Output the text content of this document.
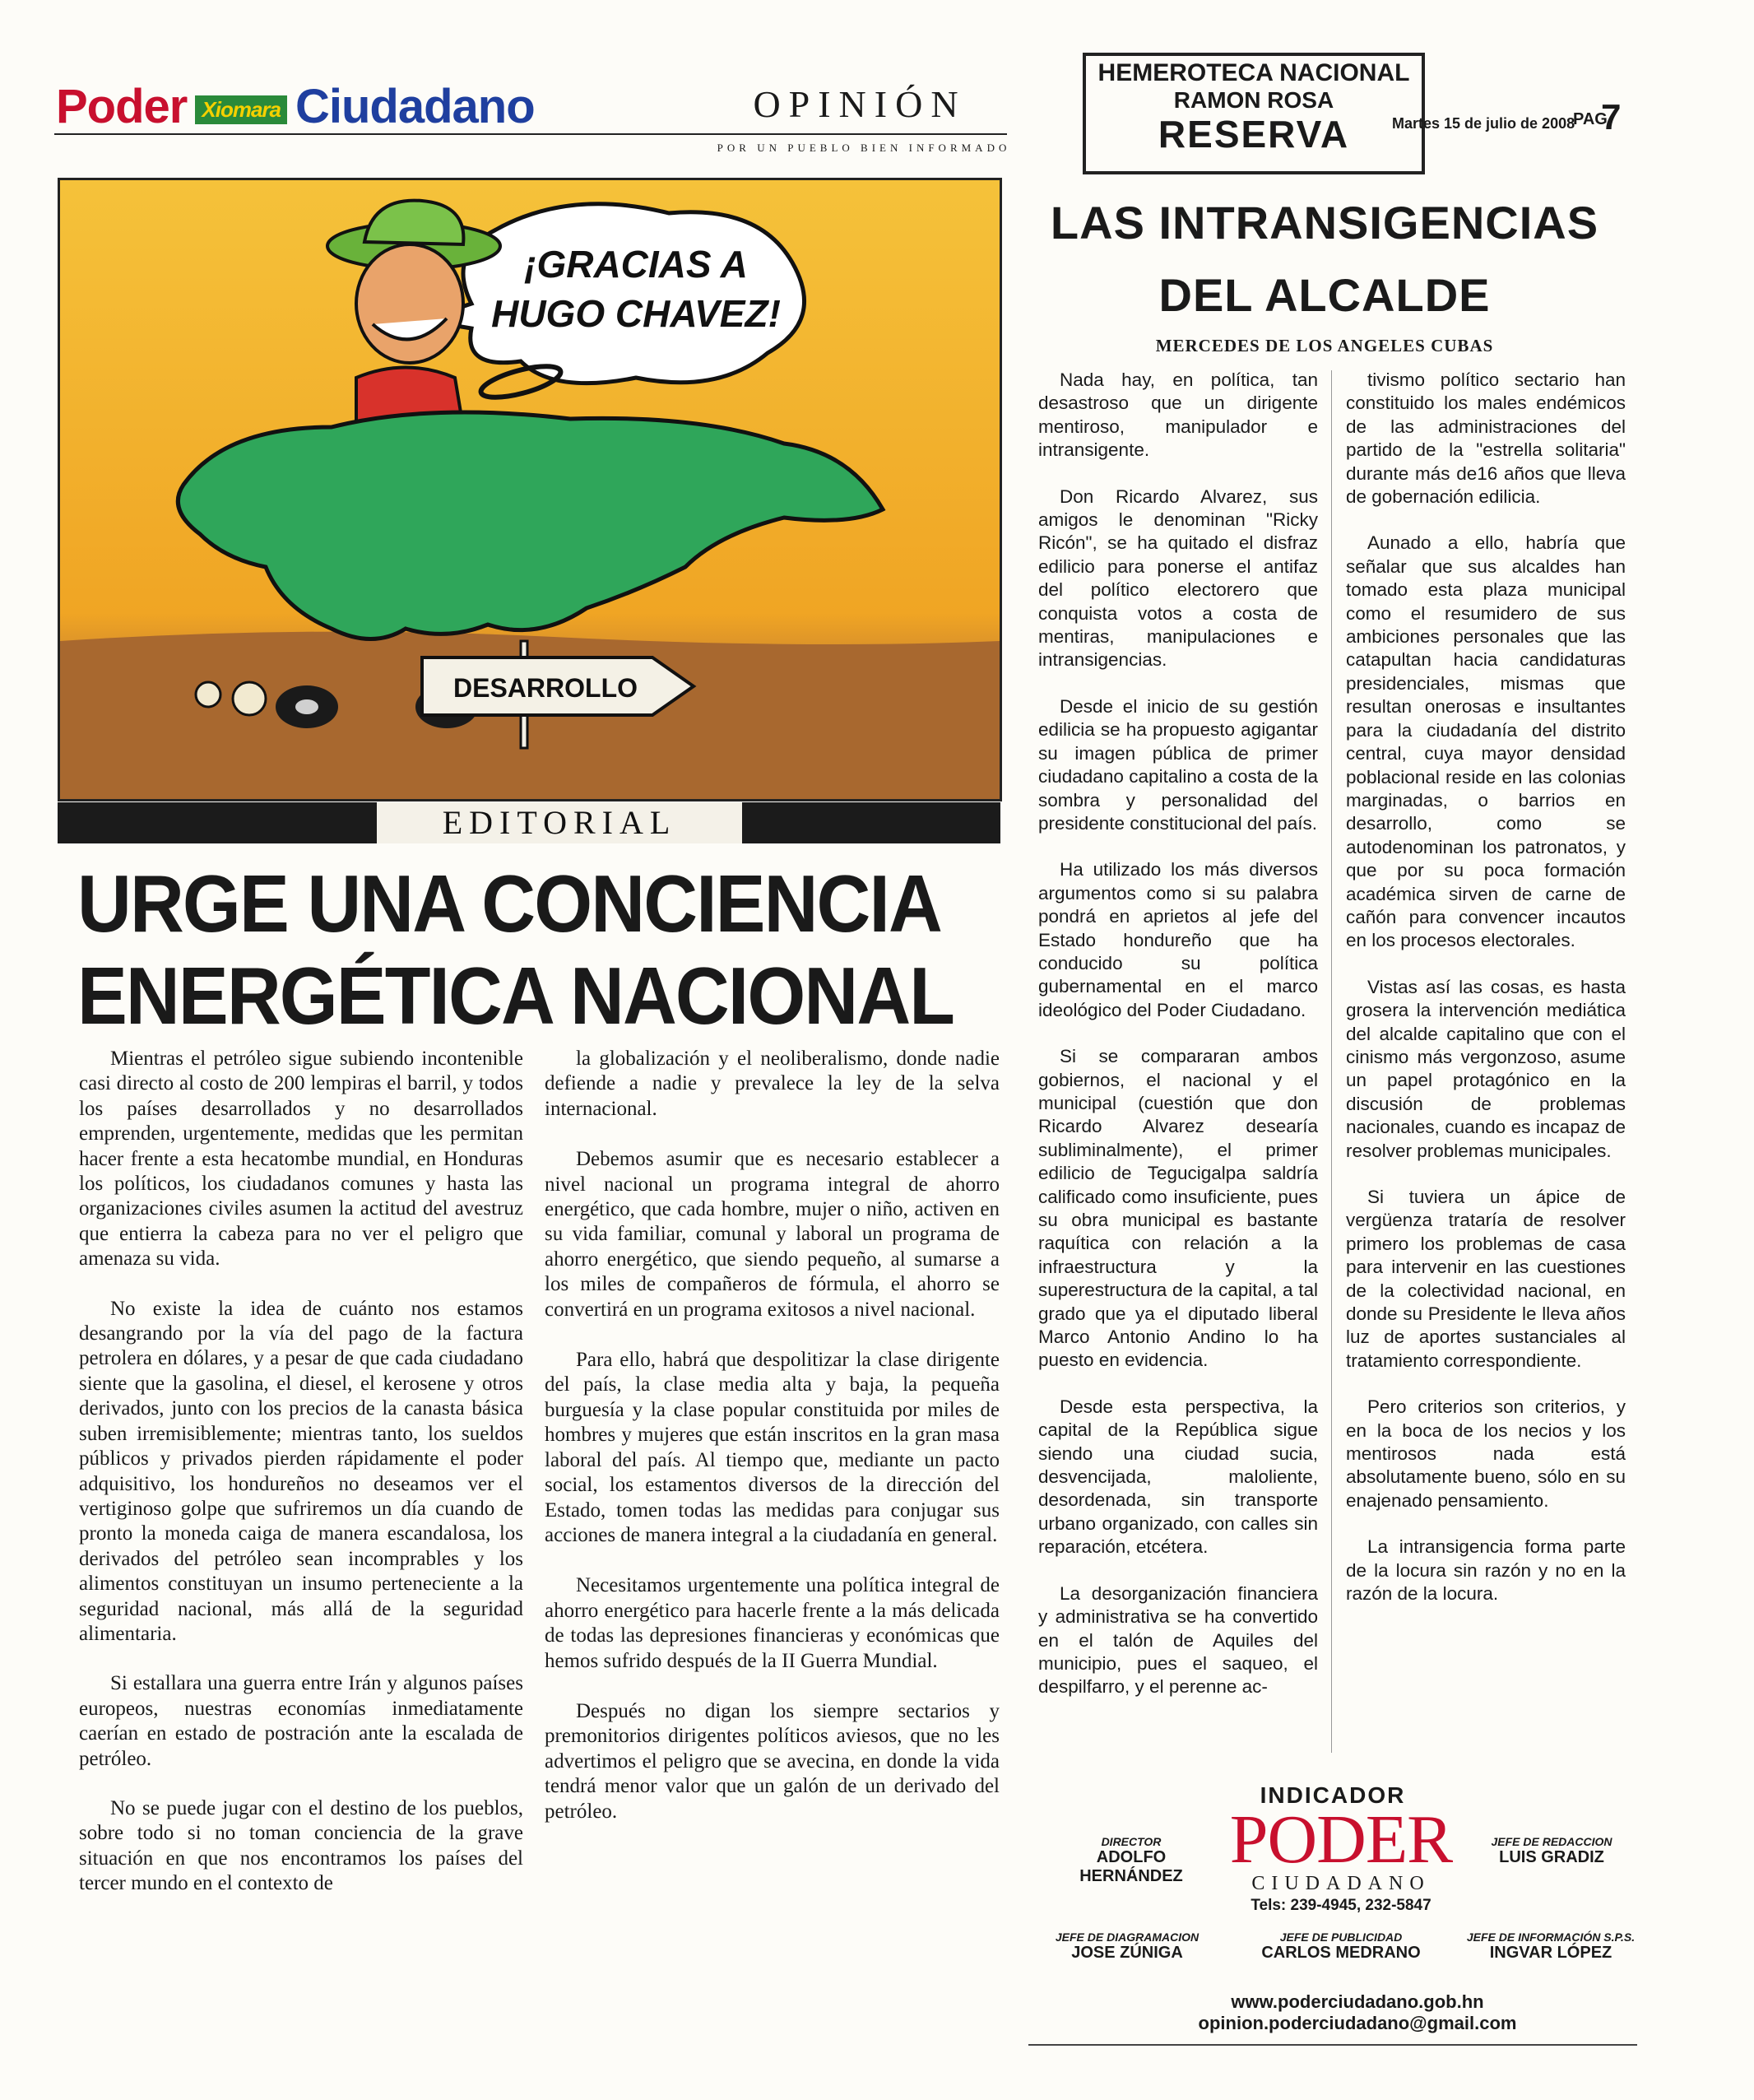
Poder Xiomara Ciudadano	OPINIÓN
POR UN PUEBLO BIEN INFORMADO
HEMEROTECA NACIONAL
RAMON ROSA
RESERVA	Martes 15 de julio de 2008
PAG.
7
¡GRACIAS A
HUGO CHAVEZ!
DESARROLLO
EDITORIAL
URGE UNA CONCIENCIA
ENERGÉTICA NACIONAL

Mientras el petróleo sigue subiendo incontenible casi directo al costo de 200 lempiras el barril, y todos los países desarrollados y no desarrollados emprenden, urgentemente, medidas que les permitan hacer frente a esta hecatombe mundial, en Honduras los políticos, los ciudadanos comunes y hasta las organizaciones civiles asumen la actitud del avestruz que entierra la cabeza para no ver el peligro que amenaza su vida.

No existe la idea de cuánto nos estamos desangrando por la vía del pago de la factura petrolera en dólares, y a pesar de que cada ciudadano siente que la gasolina, el diesel, el kerosene y otros derivados, junto con los precios de la canasta básica suben irremisiblemente; mientras tanto, los sueldos públicos y privados pierden rápidamente el poder adquisitivo, los hondureños no deseamos ver el vertiginoso golpe que sufriremos un día cuando de pronto la moneda caiga de manera escandalosa, los derivados del petróleo sean incomprables y los alimentos constituyan un insumo perteneciente a la seguridad nacional, más allá de la seguridad alimentaria.

Si estallara una guerra entre Irán y algunos países europeos, nuestras economías inmediatamente caerían en estado de postración ante la escalada de petróleo.

No se puede jugar con el destino de los pueblos, sobre todo si no toman conciencia de la grave situación en que nos encontramos los países del tercer mundo en el contexto de

la globalización y el neoliberalismo, donde nadie defiende a nadie y prevalece la ley de la selva internacional.

Debemos asumir que es necesario establecer a nivel nacional un programa integral de ahorro energético, que cada hombre, mujer o niño, activen en su vida familiar, comunal y laboral un programa de ahorro energético, que siendo pequeño, al sumarse a los miles de compañeros de fórmula, el ahorro se convertirá en un programa exitosos a nivel nacional.

Para ello, habrá que despolitizar la clase dirigente del país, la clase media alta y baja, la pequeña burguesía y la clase popular constituida por miles de hombres y mujeres que están inscritos en la gran masa laboral del país. Al tiempo que, mediante un pacto social, los estamentos diversos de la dirección del Estado, tomen todas las medidas para conjugar sus acciones de manera integral a la ciudadanía en general.

Necesitamos urgentemente una política integral de ahorro energético para hacerle frente a la más delicada de todas las depresiones financieras y económicas que hemos sufrido después de la II Guerra Mundial.

Después no digan los siempre sectarios y premonitorios dirigentes políticos aviesos, que no les advertimos el peligro que se avecina, en donde la vida tendrá menor valor que un galón de un derivado del petróleo.

LAS INTRANSIGENCIAS
DEL ALCALDE
MERCEDES DE LOS ANGELES CUBAS

Nada hay, en política, tan desastroso que un dirigente mentiroso, manipulador e intransigente.

Don Ricardo Alvarez, sus amigos le denominan "Ricky Ricón", se ha quitado el disfraz edilicio para ponerse el antifaz del político electorero que conquista votos a costa de mentiras, manipulaciones e intransigencias.

Desde el inicio de su gestión edilicia se ha propuesto agigantar su imagen pública de primer ciudadano capitalino a costa de la sombra y personalidad del presidente constitucional del país.

Ha utilizado los más diversos argumentos como si su palabra pondrá en aprietos al jefe del Estado hondureño que ha conducido su política gubernamental en el marco ideológico del Poder Ciudadano.

Si se compararan ambos gobiernos, el nacional y el municipal (cuestión que don Ricardo Alvarez desearía subliminalmente), el primer edilicio de Tegucigalpa saldría calificado como insuficiente, pues su obra municipal es bastante raquítica con relación a la infraestructura y la superestructura de la capital, a tal grado que ya el diputado liberal Marco Antonio Andino lo ha puesto en evidencia.

Desde esta perspectiva, la capital de la República sigue siendo una ciudad sucia, desvencijada, maloliente, desordenada, sin transporte urbano organizado, con calles sin reparación, etcétera.

La desorganización financiera y administrativa se ha convertido en el talón de Aquiles del municipio, pues el saqueo, el despilfarro, y el perenne ac-

tivismo político sectario han constituido los males endémicos de las administraciones del partido de la "estrella solitaria" durante más de16 años que lleva de gobernación edilicia.

Aunado a ello, habría que señalar que sus alcaldes han tomado esta plaza municipal como el resumidero de sus ambiciones personales que las catapultan hacia candidaturas presidenciales, mismas que resultan onerosas e insultantes para la ciudadanía del distrito central, cuya mayor densidad poblacional reside en las colonias marginadas, o barrios en desarrollo, como se autodenominan los patronatos, y que por su poca formación académica sirven de carne de cañón para convencer incautos en los procesos electorales.

Vistas así las cosas, es hasta grosera la intervención mediática del alcalde capitalino que con el cinismo más vergonzoso, asume un papel protagónico en la discusión de problemas nacionales, cuando es incapaz de resolver problemas municipales.

Si tuviera un ápice de vergüenza trataría de resolver primero los problemas de casa para intervenir en las cuestiones de la colectividad nacional, en donde su Presidente le lleva años luz de aportes sustanciales al tratamiento correspondiente.

Pero criterios son criterios, y en la boca de los necios y los mentirosos nada está absolutamente bueno, sólo en su enajenado pensamiento.

La intransigencia forma parte de la locura sin razón y no en la razón de la locura.

INDICADOR
DIRECTOR
ADOLFO HERNÁNDEZ PODER
CIUDADANO
Tels: 239-4945, 232-5847
JEFE DE REDACCION
LUIS GRADIZ
JEFE DE DIAGRAMACION
JOSE ZÚNIGA
JEFE DE PUBLICIDAD
CARLOS MEDRANO
JEFE DE INFORMACIÓN S.P.S.
INGVAR LÓPEZ
www.poderciudadano.gob.hn
opinion.poderciudadano@gmail.com
